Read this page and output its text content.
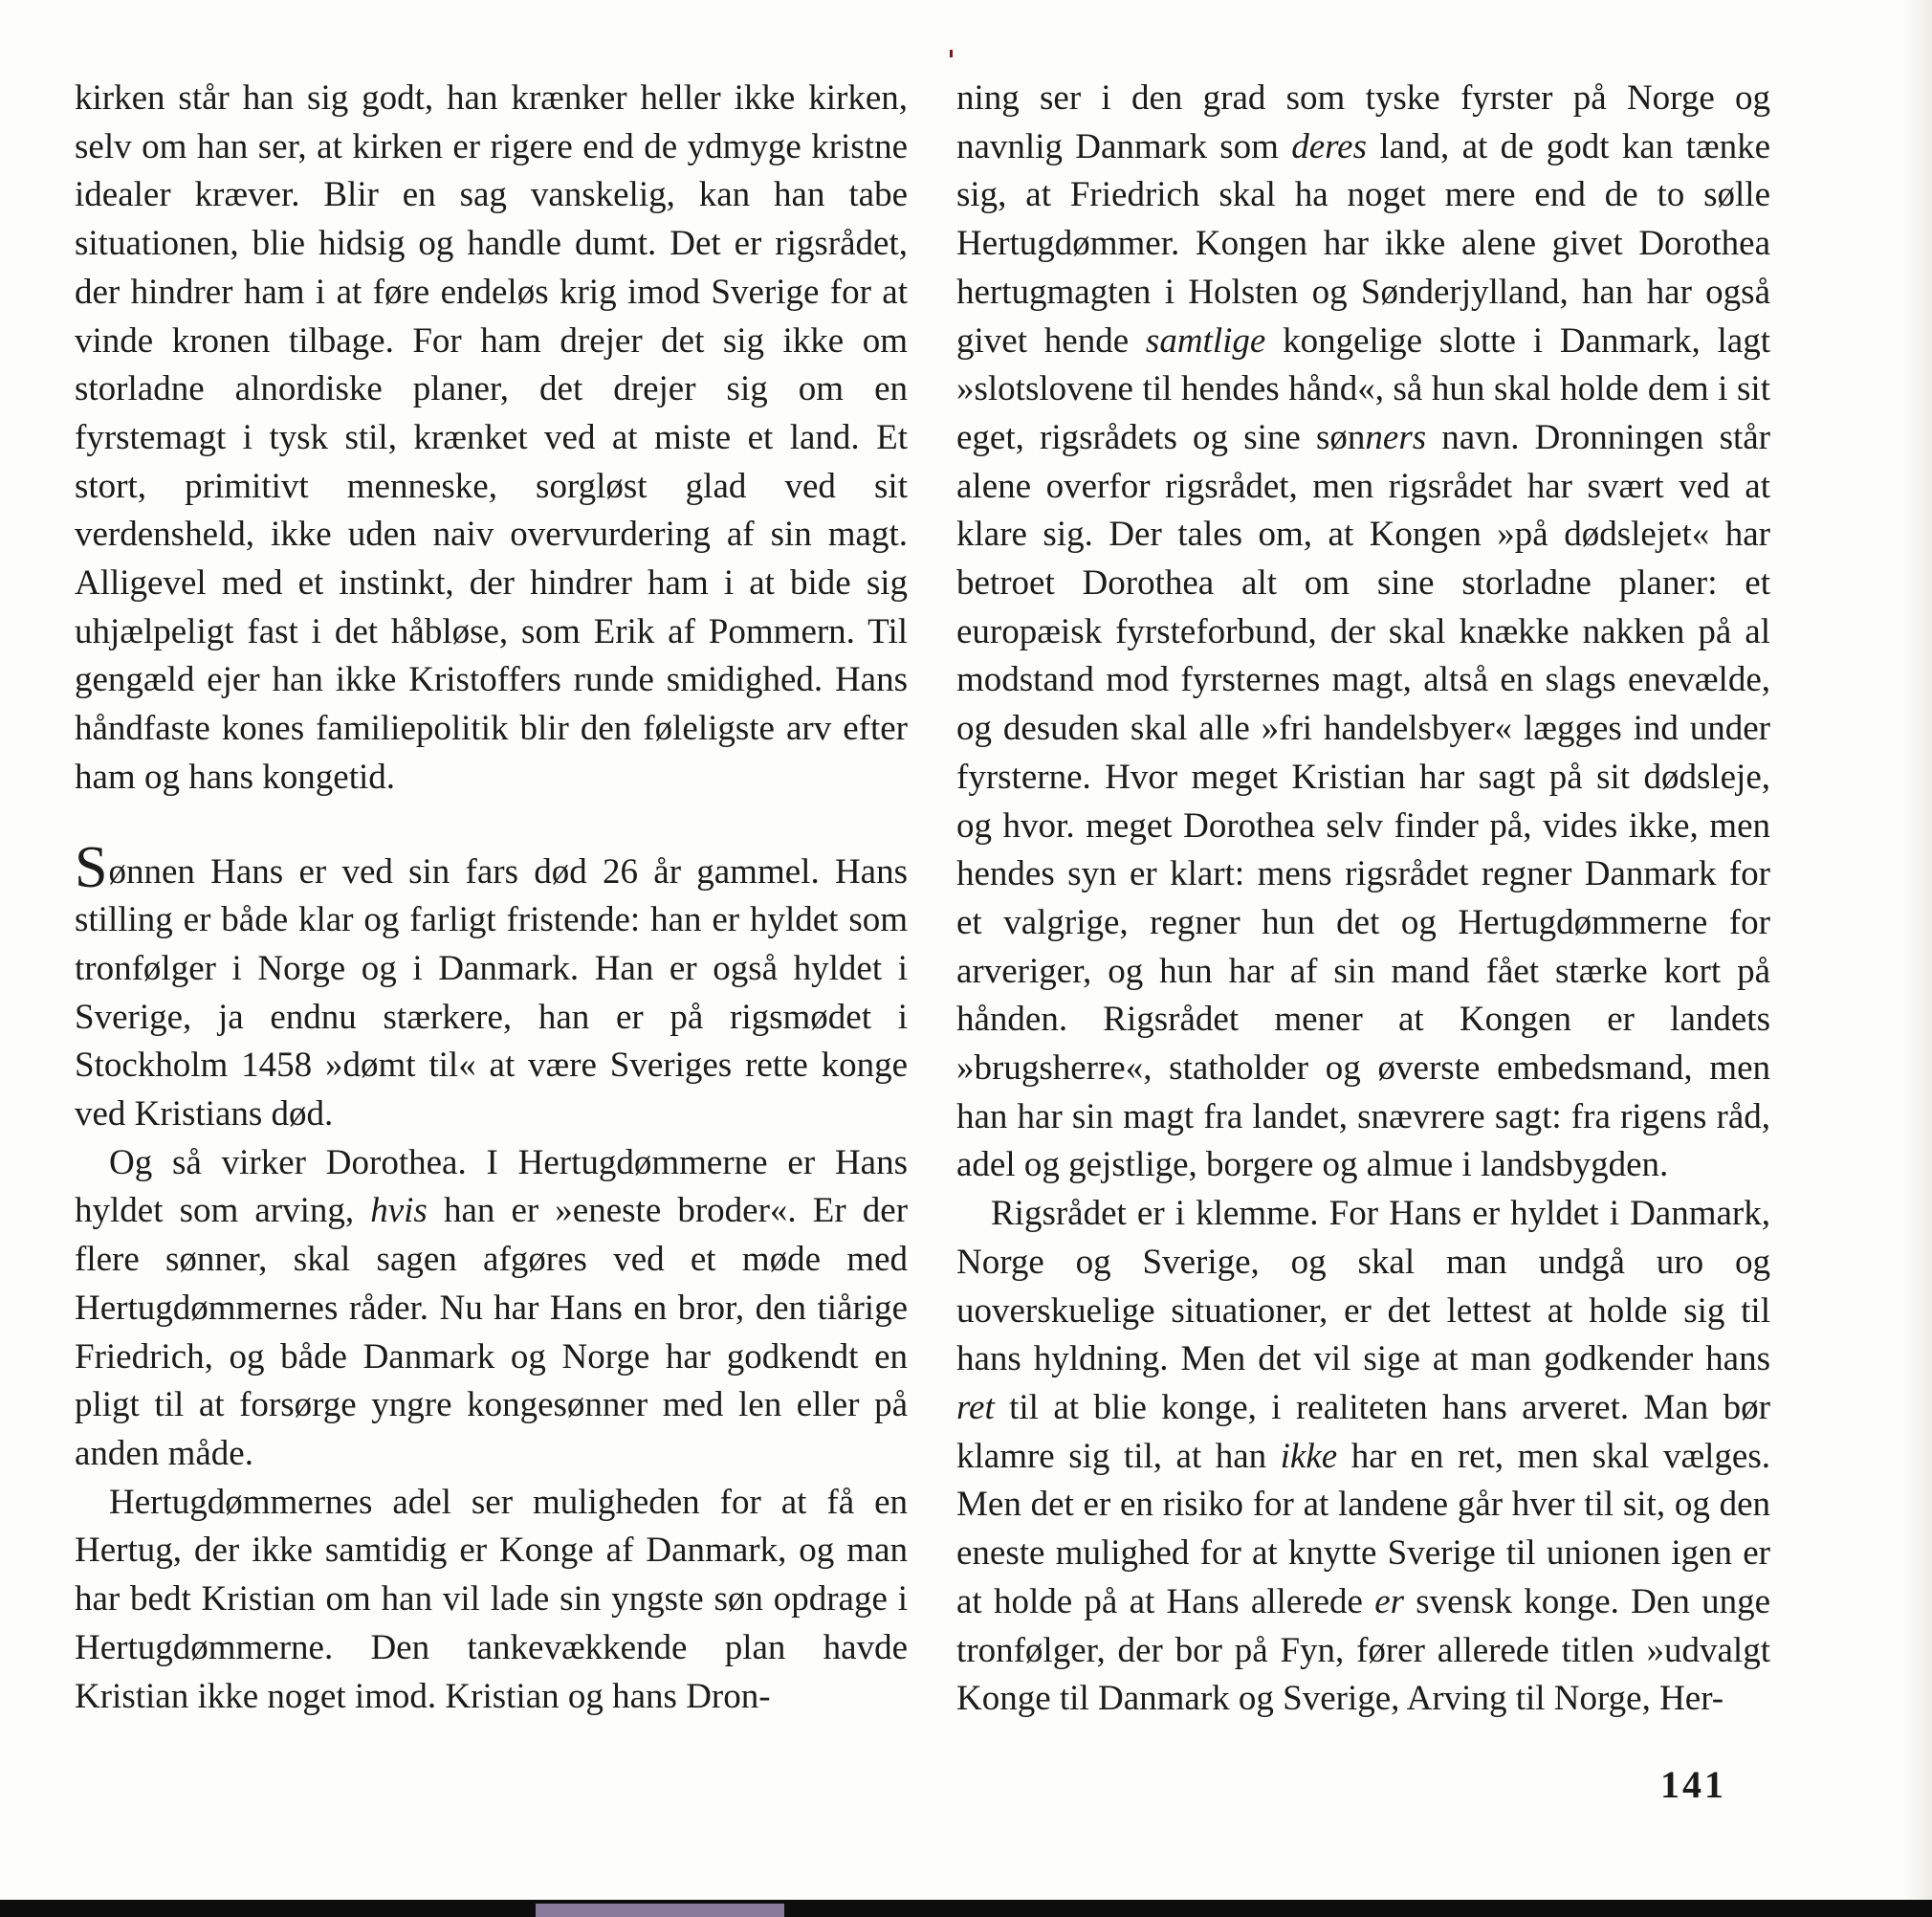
kirken står han sig godt, han krænker heller ikke kirken, selv om han ser, at kirken er rigere end de ydmyge kristne idealer kræver. Blir en sag vanskelig, kan han tabe situationen, blie hidsig og handle dumt. Det er rigsrådet, der hindrer ham i at føre endeløs krig imod Sverige for at vinde kronen tilbage. For ham drejer det sig ikke om storladne alnordiske planer, det drejer sig om en fyrstemagt i tysk stil, krænket ved at miste et land. Et stort, primitivt menneske, sorgløst glad ved sit verdensheld, ikke uden naiv overvurdering af sin magt. Alligevel med et instinkt, der hindrer ham i at bide sig uhjælpeligt fast i det håbløse, som Erik af Pommern. Til gengæld ejer han ikke Kristoffers runde smidighed. Hans håndfaste kones familiepolitik blir den føleligste arv efter ham og hans kongetid.

Sønnen Hans er ved sin fars død 26 år gammel. Hans stilling er både klar og farligt fristende: han er hyldet som tronfølger i Norge og i Danmark. Han er også hyldet i Sverige, ja endnu stærkere, han er på rigsmødet i Stockholm 1458 »dømt til« at være Sveriges rette konge ved Kristians død.

Og så virker Dorothea. I Hertugdømmerne er Hans hyldet som arving, hvis han er »eneste broder«. Er der flere sønner, skal sagen afgøres ved et møde med Hertugdømmernes råder. Nu har Hans en bror, den tiårige Friedrich, og både Danmark og Norge har godkendt en pligt til at forsørge yngre kongesønner med len eller på anden måde.

Hertugdømmernes adel ser muligheden for at få en Hertug, der ikke samtidig er Konge af Danmark, og man har bedt Kristian om han vil lade sin yngste søn opdrage i Hertugdømmerne. Den tankevækkende plan havde Kristian ikke noget imod. Kristian og hans Dron-

ning ser i den grad som tyske fyrster på Norge og navnlig Danmark som deres land, at de godt kan tænke sig, at Friedrich skal ha noget mere end de to sølle Hertugdømmer. Kongen har ikke alene givet Dorothea hertugmagten i Holsten og Sønderjylland, han har også givet hende samtlige kongelige slotte i Danmark, lagt »slotslovene til hendes hånd«, så hun skal holde dem i sit eget, rigsrådets og sine sønners navn. Dronningen står alene overfor rigsrådet, men rigsrådet har svært ved at klare sig. Der tales om, at Kongen »på dødslejet« har betroet Dorothea alt om sine storladne planer: et europæisk fyrsteforbund, der skal knække nakken på al modstand mod fyrsternes magt, altså en slags enevælde, og desuden skal alle »fri handelsbyer« lægges ind under fyrsterne. Hvor meget Kristian har sagt på sit dødsleje, og hvor. meget Dorothea selv finder på, vides ikke, men hendes syn er klart: mens rigsrådet regner Danmark for et valgrige, regner hun det og Hertugdømmerne for arveriger, og hun har af sin mand fået stærke kort på hånden. Rigsrådet mener at Kongen er landets »brugsherre«, statholder og øverste embedsmand, men han har sin magt fra landet, snævrere sagt: fra rigens råd, adel og gejstlige, borgere og almue i landsbygden.

Rigsrådet er i klemme. For Hans er hyldet i Danmark, Norge og Sverige, og skal man undgå uro og uoverskuelige situationer, er det lettest at holde sig til hans hyldning. Men det vil sige at man godkender hans ret til at blie konge, i realiteten hans arveret. Man bør klamre sig til, at han ikke har en ret, men skal vælges. Men det er en risiko for at landene går hver til sit, og den eneste mulighed for at knytte Sverige til unionen igen er at holde på at Hans allerede er svensk konge. Den unge tronfølger, der bor på Fyn, fører allerede titlen »udvalgt Konge til Danmark og Sverige, Arving til Norge, Her-

141
